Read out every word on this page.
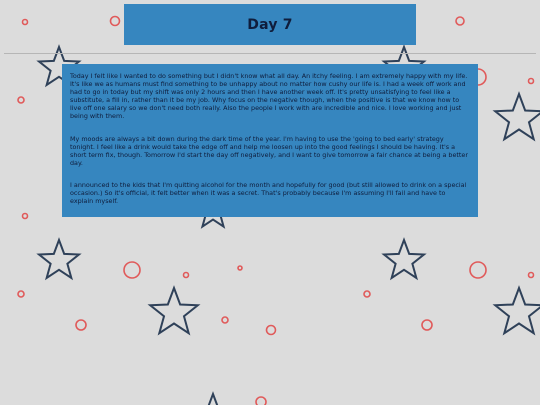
Day 7

Today I felt like I wanted to do something but I didn't know what all day. An itchy feeling. I am extremely happy with my life. It's like we as humans must find something to be unhappy about no matter how cushy our life is. I had a week off work and had to go in today but my shift was only 2 hours and then I have another week off. It's pretty unsatisfying to feel like a substitute, a fill in, rather than it be my job. Why focus on the negative though, when the positive is that we know how to live off one salary so we don't need both really. Also the people I work with are incredible and nice. I love working and just being with them.

My moods are always a bit down during the dark time of the year. I'm having to use the 'going to bed early' strategy tonight. I feel like a drink would take the edge off and help me loosen up into the good feelings I should be having. It's a short term fix, though. Tomorrow I'd start the day off negatively, and I want to give tomorrow a fair chance at being a better day.

I announced to the kids that I'm quitting alcohol for the month and hopefully for good (but still allowed to drink on a special occasion.) So it's official, it felt better when it was a secret. That's probably because I'm assuming I'll fail and have to explain myself.
